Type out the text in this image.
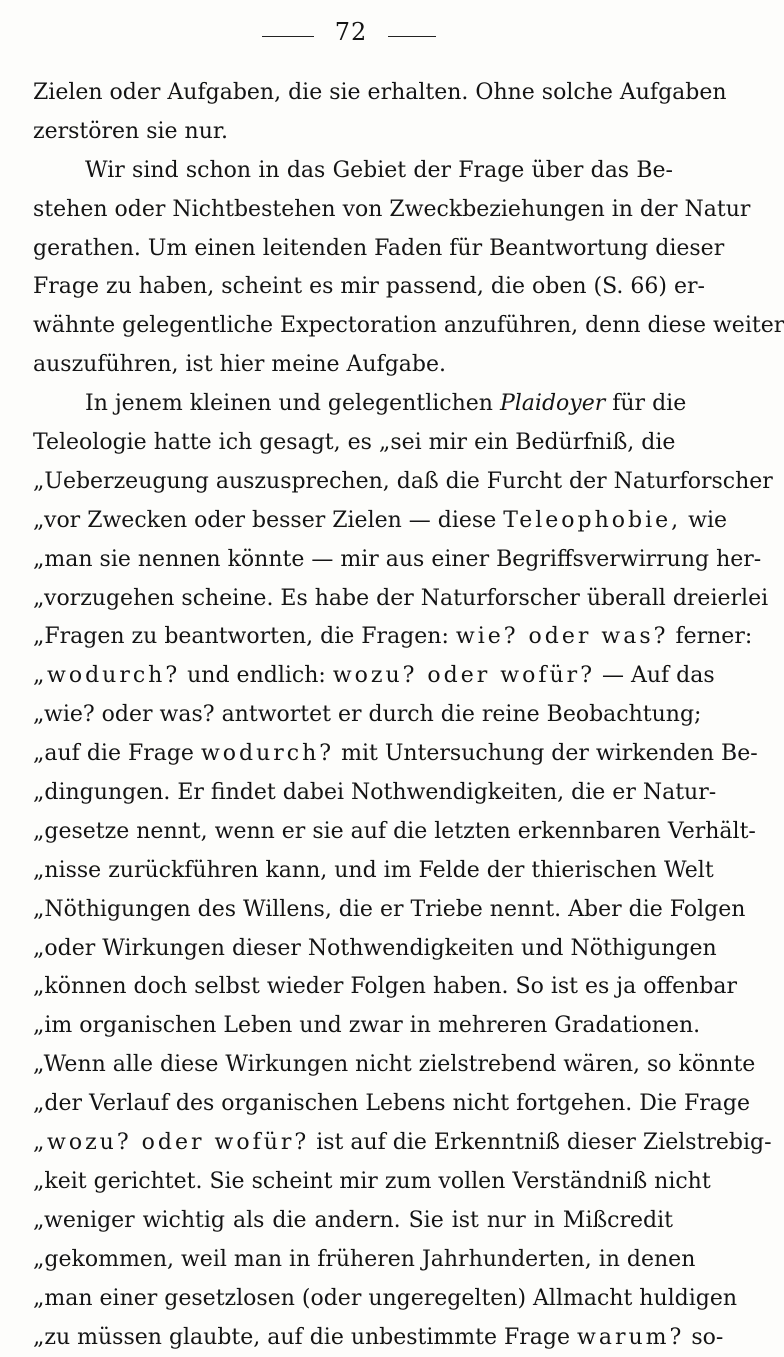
72
Zielen oder Aufgaben, die sie erhalten. Ohne solche Aufgaben
zerstören sie nur.
Wir sind schon in das Gebiet der Frage über das Be-
stehen oder Nichtbestehen von Zweckbeziehungen in der Natur
gerathen. Um einen leitenden Faden für Beantwortung dieser
Frage zu haben, scheint es mir passend, die oben (S. 66) er-
wähnte gelegentliche Expectoration anzuführen, denn diese weiter
auszuführen, ist hier meine Aufgabe.
In jenem kleinen und gelegentlichen Plaidoyer für die
Teleologie hatte ich gesagt, es „sei mir ein Bedürfniß, die
„Ueberzeugung auszusprechen, daß die Furcht der Naturforscher
„vor Zwecken oder besser Zielen — diese Teleophobie, wie
„man sie nennen könnte — mir aus einer Begriffsverwirrung her-
„vorzugehen scheine. Es habe der Naturforscher überall dreierlei
„Fragen zu beantworten, die Fragen: wie? oder was? ferner:
„wodurch? und endlich: wozu? oder wofür? — Auf das
„wie? oder was? antwortet er durch die reine Beobachtung;
„auf die Frage wodurch? mit Untersuchung der wirkenden Be-
„dingungen. Er findet dabei Nothwendigkeiten, die er Natur-
„gesetze nennt, wenn er sie auf die letzten erkennbaren Verhält-
„nisse zurückführen kann, und im Felde der thierischen Welt
„Nöthigungen des Willens, die er Triebe nennt. Aber die Folgen
„oder Wirkungen dieser Nothwendigkeiten und Nöthigungen
„können doch selbst wieder Folgen haben. So ist es ja offenbar
„im organischen Leben und zwar in mehreren Gradationen.
„Wenn alle diese Wirkungen nicht zielstrebend wären, so könnte
„der Verlauf des organischen Lebens nicht fortgehen. Die Frage
„wozu? oder wofür? ist auf die Erkenntniß dieser Zielstrebig-
„keit gerichtet. Sie scheint mir zum vollen Verständniß nicht
„weniger wichtig als die andern. Sie ist nur in Mißcredit
„gekommen, weil man in früheren Jahrhunderten, in denen
„man einer gesetzlosen (oder ungeregelten) Allmacht huldigen
„zu müssen glaubte, auf die unbestimmte Frage warum? so-
